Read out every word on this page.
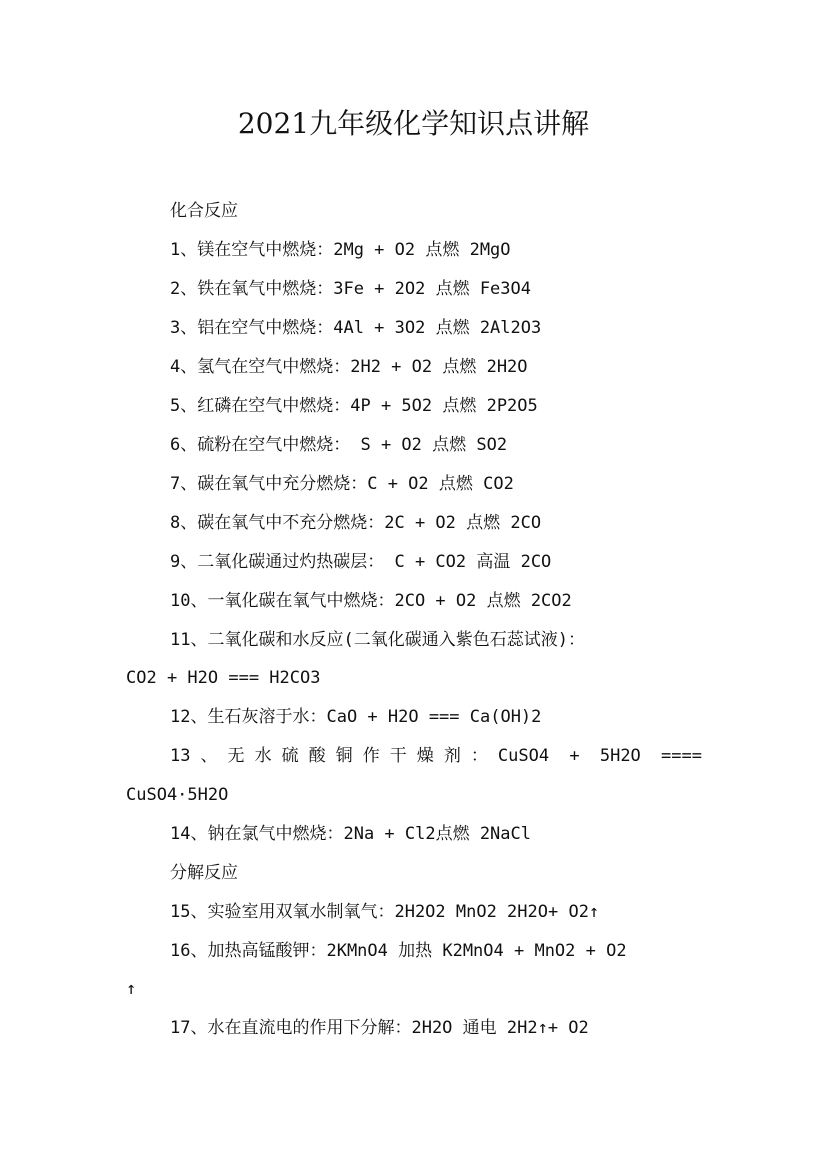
2021九年级化学知识点讲解
化合反应
1、镁在空气中燃烧：2Mg + O2 点燃 2MgO
2、铁在氧气中燃烧：3Fe + 2O2 点燃 Fe3O4
3、铝在空气中燃烧：4Al + 3O2 点燃 2Al2O3
4、氢气在空气中燃烧：2H2 + O2 点燃 2H2O
5、红磷在空气中燃烧：4P + 5O2 点燃 2P2O5
6、硫粉在空气中燃烧： S + O2 点燃 SO2
7、碳在氧气中充分燃烧：C + O2 点燃 CO2
8、碳在氧气中不充分燃烧：2C + O2 点燃 2CO
9、二氧化碳通过灼热碳层： C + CO2 高温 2CO
10、一氧化碳在氧气中燃烧：2CO + O2 点燃 2CO2
11、二氧化碳和水反应(二氧化碳通入紫色石蕊试液)：
CO2 + H2O === H2CO3
12、生石灰溶于水：CaO + H2O === Ca(OH)2
13、无水硫酸铜作干燥剂：CuSO4 + 5H2O ====
CuSO4·5H2O
14、钠在氯气中燃烧：2Na + Cl2点燃 2NaCl
分解反应
15、实验室用双氧水制氧气：2H2O2 MnO2 2H2O+ O2↑
16、加热高锰酸钾：2KMnO4 加热 K2MnO4 + MnO2 + O2
↑
17、水在直流电的作用下分解：2H2O 通电 2H2↑+ O2
